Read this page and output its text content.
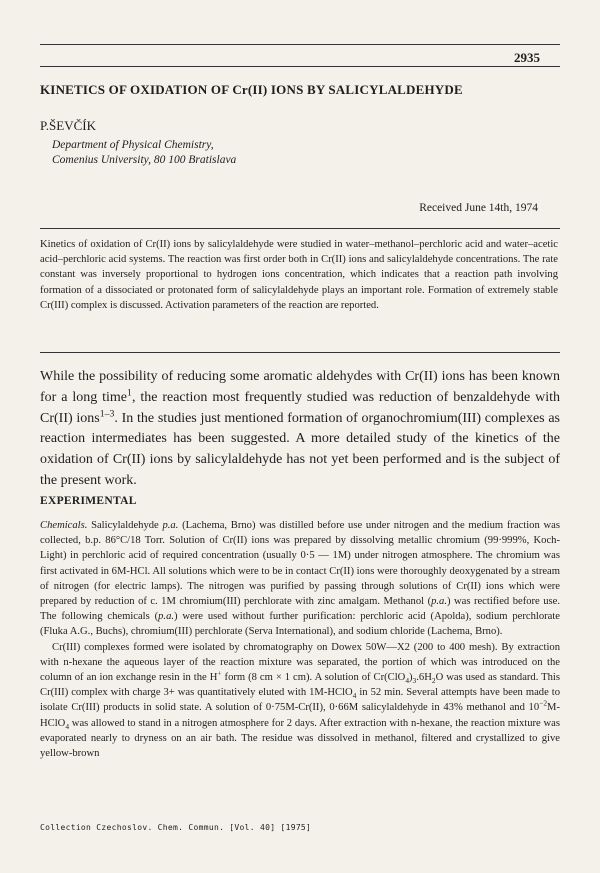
2935
KINETICS OF OXIDATION OF Cr(II) IONS BY SALICYLALDEHYDE
P.ŠEVČÍK
Department of Physical Chemistry,
Comenius University, 80 100 Bratislava
Received June 14th, 1974
Kinetics of oxidation of Cr(II) ions by salicylaldehyde were studied in water–methanol–perchloric acid and water–acetic acid–perchloric acid systems. The reaction was first order both in Cr(II) ions and salicylaldehyde concentrations. The rate constant was inversely proportional to hydrogen ions concentration, which indicates that a reaction path involving formation of a dissociated or protonated form of salicylaldehyde plays an important role. Formation of extremely stable Cr(III) complex is discussed. Activation parameters of the reaction are reported.
While the possibility of reducing some aromatic aldehydes with Cr(II) ions has been known for a long time$^1$, the reaction most frequently studied was reduction of benzaldehyde with Cr(II) ions$^{1-3}$. In the studies just mentioned formation of organochromium(III) complexes as reaction intermediates has been suggested. A more detailed study of the kinetics of the oxidation of Cr(II) ions by salicylaldehyde has not yet been performed and is the subject of the present work.
EXPERIMENTAL

Chemicals. Salicylaldehyde p.a. (Lachema, Brno) was distilled before use under nitrogen and the medium fraction was collected, b.p. 86°C/18 Torr. Solution of Cr(II) ions was prepared by dissolving metallic chromium (99·999%, Koch-Light) in perchloric acid of required concentration (usually 0·5 — 1M) under nitrogen atmosphere. The chromium was first activated in 6M-HCl. All solutions which were to be in contact Cr(II) ions were thoroughly deoxygenated by a stream of nitrogen (for electric lamps). The nitrogen was purified by passing through solutions of Cr(II) ions which were prepared by reduction of c. 1M chromium(III) perchlorate with zinc amalgam. Methanol (p.a.) was rectified before use. The following chemicals (p.a.) were used without further purification: perchloric acid (Apolda), sodium perchlorate (Fluka A.G., Buchs), chromium(III) perchlorate (Serva International), and sodium chloride (Lachema, Brno).

Cr(III) complexes formed were isolated by chromatography on Dowex 50W—X2 (200 to 400 mesh). By extraction with n-hexane the aqueous layer of the reaction mixture was separated, the portion of which was introduced on the column of an ion exchange resin in the H+ form (8 cm × 1 cm). A solution of $Cr(ClO_4)_3.6H_2O$ was used as standard. This Cr(III) complex with charge 3+ was quantitatively eluted with 1M-HClO$_4$ in 52 min. Several attempts have been made to isolate Cr(III) products in solid state. A solution of 0·75M-Cr(II), 0·66M salicylaldehyde in 43% methanol and $10^{-2}M-HClO_4$ was allowed to stand in a nitrogen atmosphere for 2 days. After extraction with n-hexane, the reaction mixture was evaporated nearly to dryness on an air bath. The residue was dissolved in methanol, filtered and crystallized to give yellow-brown

Collection Czechoslov. Chem. Commun. [Vol. 40] [1975]
